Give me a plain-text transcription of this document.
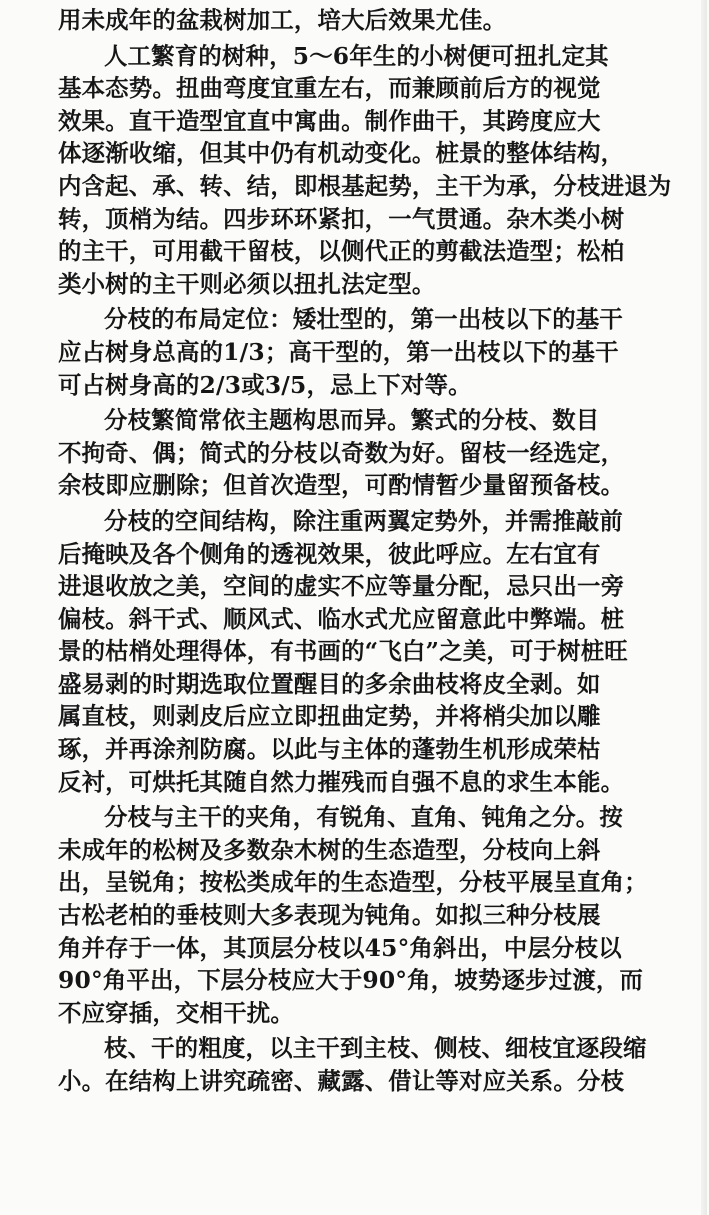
用未成年的盆栽树加工，培大后效果尤佳。
人工繁育的树种，5～6年生的小树便可扭扎定其
基本态势。扭曲弯度宜重左右，而兼顾前后方的视觉
效果。直干造型宜直中寓曲。制作曲干，其跨度应大
体逐渐收缩，但其中仍有机动变化。桩景的整体结构，
内含起、承、转、结，即根基起势，主干为承，分枝进退为
转，顶梢为结。四步环环紧扣，一气贯通。杂木类小树
的主干，可用截干留枝，以侧代正的剪截法造型；松柏
类小树的主干则必须以扭扎法定型。
分枝的布局定位：矮壮型的，第一出枝以下的基干
应占树身总高的1/3；高干型的，第一出枝以下的基干
可占树身高的2/3或3/5，忌上下对等。
分枝繁简常依主题构思而异。繁式的分枝、数目
不拘奇、偶；简式的分枝以奇数为好。留枝一经选定，
余枝即应删除；但首次造型，可酌情暂少量留预备枝。
分枝的空间结构，除注重两翼定势外，并需推敲前
后掩映及各个侧角的透视效果，彼此呼应。左右宜有
进退收放之美，空间的虚实不应等量分配，忌只出一旁
偏枝。斜干式、顺风式、临水式尤应留意此中弊端。桩
景的枯梢处理得体，有书画的“飞白”之美，可于树桩旺
盛易剥的时期选取位置醒目的多余曲枝将皮全剥。如
属直枝，则剥皮后应立即扭曲定势，并将梢尖加以雕
琢，并再涂剂防腐。以此与主体的蓬勃生机形成荣枯
反衬，可烘托其随自然力摧残而自强不息的求生本能。
分枝与主干的夹角，有锐角、直角、钝角之分。按
未成年的松树及多数杂木树的生态造型，分枝向上斜
出，呈锐角；按松类成年的生态造型，分枝平展呈直角；
古松老柏的垂枝则大多表现为钝角。如拟三种分枝展
角并存于一体，其顶层分枝以45°角斜出，中层分枝以
90°角平出，下层分枝应大于90°角，坡势逐步过渡，而
不应穿插，交相干扰。
枝、干的粗度，以主干到主枝、侧枝、细枝宜逐段缩
小。在结构上讲究疏密、藏露、借让等对应关系。分枝
